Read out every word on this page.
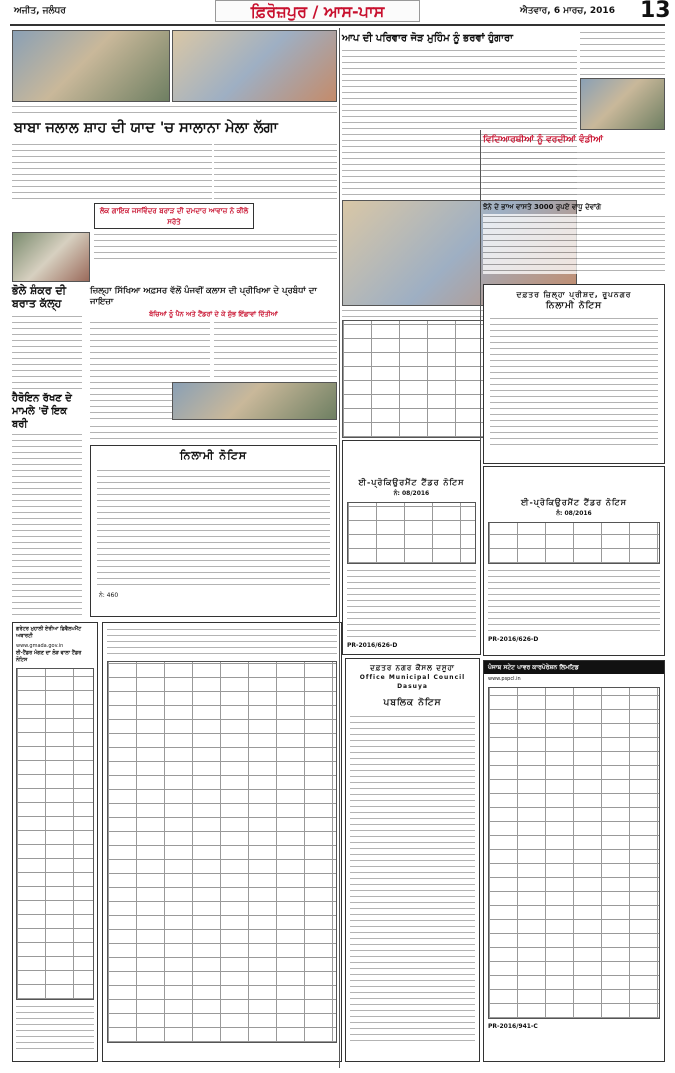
ਅਜੀਤ, ਜਲੰਧਰ	ਫ਼ਿਰੋਜ਼ਪੁਰ / ਆਸ-ਪਾਸ	ਐਤਵਾਰ, 6 ਮਾਰਚ, 2016 13
ਬਾਬਾ ਜਲਾਲ ਸ਼ਾਹ ਦੀ ਯਾਦ 'ਚ ਸਾਲਾਨਾ ਮੇਲਾ ਲੱਗਾ
ਲੋਕ ਗਾਇਕ ਜਸਵਿੰਦਰ ਬਰਾੜ ਦੀ ਦਮਦਾਰ ਆਵਾਜ਼ ਨੇ ਕੀਲੇ ਸਰੋਤੇ
ਭੋਲੇ ਸ਼ੰਕਰ ਦੀ ਬਰਾਤ ਕੱਲ੍ਹ
ਹੈਰੋਇਨ ਰੱਖਣ ਦੇ ਮਾਮਲੇ 'ਚੋਂ ਇਕ ਬਰੀ
ਜ਼ਿਲ੍ਹਾ ਸਿੱਖਿਆ ਅਫ਼ਸਰ ਵੱਲੋਂ ਪੰਜਵੀਂ ਕਲਾਸ ਦੀ ਪ੍ਰੀਖਿਆ ਦੇ ਪ੍ਰਬੰਧਾਂ ਦਾ ਜਾਇਜ਼ਾ
ਬੱਚਿਆਂ ਨੂੰ ਪੈਨ ਅਤੇ ਟੈਂਡਰਾਂ ਦੇ ਕੇ ਸ਼ੁੱਭ ਇੱਛਾਵਾਂ ਦਿੱਤੀਆਂ
ਨਿਲਾਮੀ ਨੋਟਿਸ
ਨੰ: 460
ਆਪ ਦੀ ਪਰਿਵਾਰ ਜੋੜ ਮੁਹਿੰਮ ਨੂੰ ਭਰਵਾਂ ਹੁੰਗਾਰਾ
ਵਿਦਿਆਰਥੀਆਂ ਨੂੰ ਵਰਦੀਆਂ ਵੰਡੀਆਂ
ਝੋਨੇ ਦੇ ਭਾਅ ਵਾਸਤੇ 3000 ਰੁਪਏ ਵਾਧੂ ਦੇਵਾਂਗੇ
ਦਫ਼ਤਰ ਜ਼ਿਲ੍ਹਾ ਪ੍ਰੀਸ਼ਦ, ਰੂਪਨਗਰ
ਨਿਲਾਮੀ ਨੋਟਿਸ
ਈ-ਪ੍ਰੋਕਿਉਰਮੈਂਟ ਟੈਂਡਰ ਨੋਟਿਸ
ਨੰ: 08/2016
PR-2016/626-D
ਈ-ਪ੍ਰੋਕਿਉਰਮੈਂਟ ਟੈਂਡਰ ਨੋਟਿਸ
ਨੰ: 08/2016
PR-2016/626-D
ਗਰੇਟਰ ਮੁਹਾਲੀ ਏਰੀਆ ਡਿਵੈਲਪਮੈਂਟ ਅਥਾਰਟੀ
www.gmada.gov.in
ਈ-ਟੈਂਡਰ ਮੰਗਣ ਦਾ ਲੋੜ ਵਾਲਾ ਟੈਂਡਰ ਨੋਟਿਸ
ਦਫ਼ਤਰ ਨਗਰ ਕੌਂਸਲ ਦਸੂਹਾ
Office Municipal Council Dasuya
ਪਬਲਿਕ ਨੋਟਿਸ
ਪੰਜਾਬ ਸਟੇਟ ਪਾਵਰ ਕਾਰਪੋਰੇਸ਼ਨ ਲਿਮਟਿਡ
www.pspcl.in
PR-2016/941-C
